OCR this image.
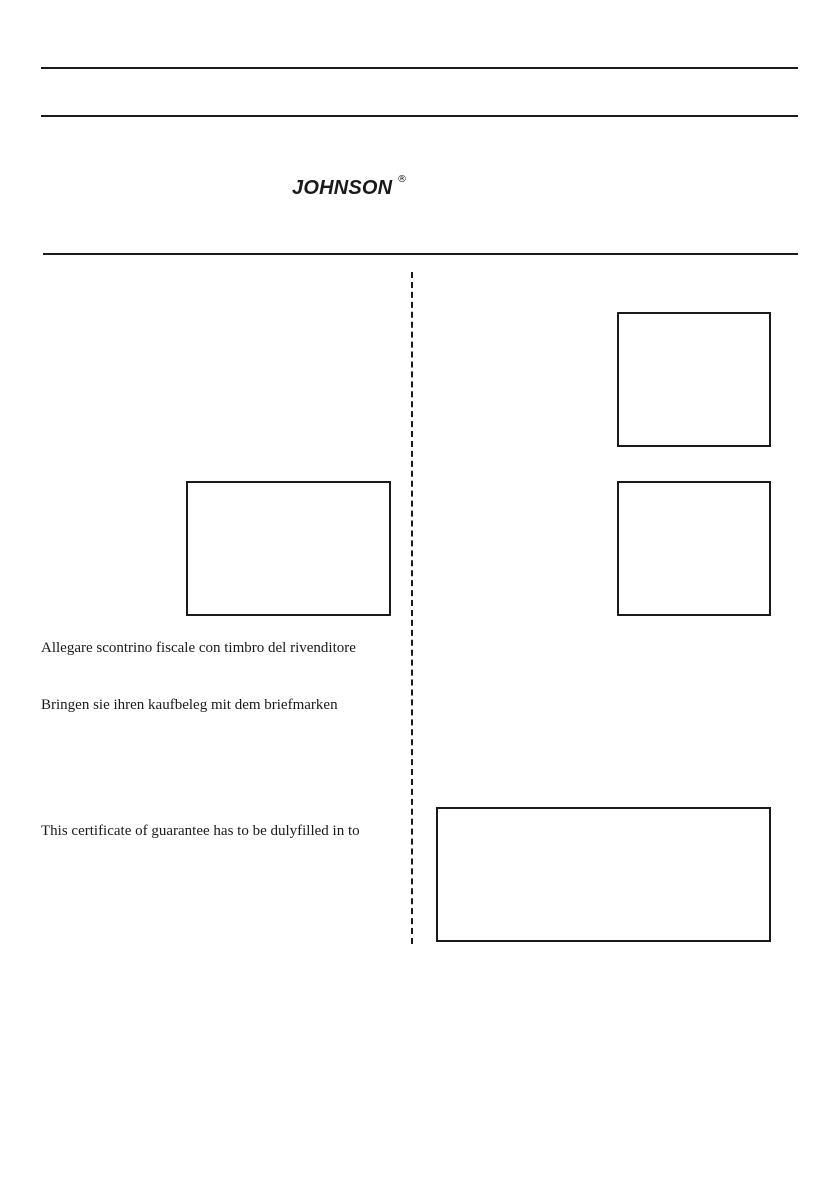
JOHNSON ®
Allegare scontrino fiscale con timbro del rivenditore
Bringen sie ihren kaufbeleg mit dem briefmarken
This certificate of guarantee has to be dulyfilled in to
